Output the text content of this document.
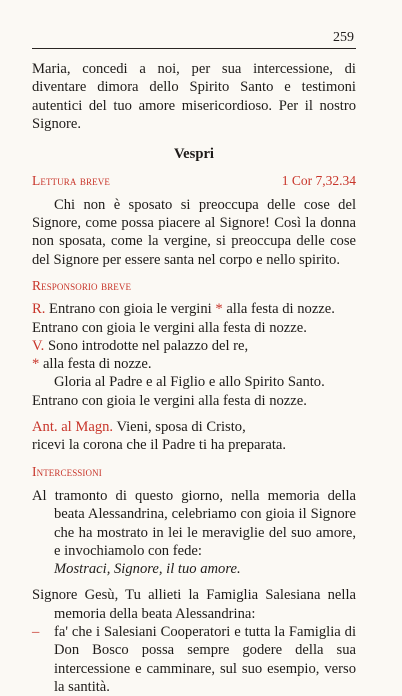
259

Maria, concedi a noi, per sua intercessione, di diventare dimora dello Spirito Santo e testimoni autentici del tuo amore misericordioso. Per il nostro Signore.

Vespri

Lettura breve	1 Cor 7,32.34

Chi non è sposato si preoccupa delle cose del Signore, come possa piacere al Signore! Così la donna non sposata, come la vergine, si preoccupa delle cose del Signore per essere santa nel corpo e nello spirito.

Responsorio breve

R. Entrano con gioia le vergini * alla festa di nozze.

Entrano con gioia le vergini alla festa di nozze.

V. Sono introdotte nel palazzo del re,

* alla festa di nozze.

Gloria al Padre e al Figlio e allo Spirito Santo.

Entrano con gioia le vergini alla festa di nozze.

Ant. al Magn. Vieni, sposa di Cristo,

ricevi la corona che il Padre ti ha preparata.

Intercessioni

Al tramonto di questo giorno, nella memoria della beata Alessandrina, celebriamo con gioia il Signore che ha mostrato in lei le meraviglie del suo amore, e invochiamolo con fede:

Mostraci, Signore, il tuo amore.

Signore Gesù, Tu allieti la Famiglia Salesiana nella memoria della beata Alessandrina:

–	fa' che i Salesiani Cooperatori e tutta la Famiglia di Don Bosco possa sempre godere della sua intercessione e camminare, sul suo esempio, verso la santità.
